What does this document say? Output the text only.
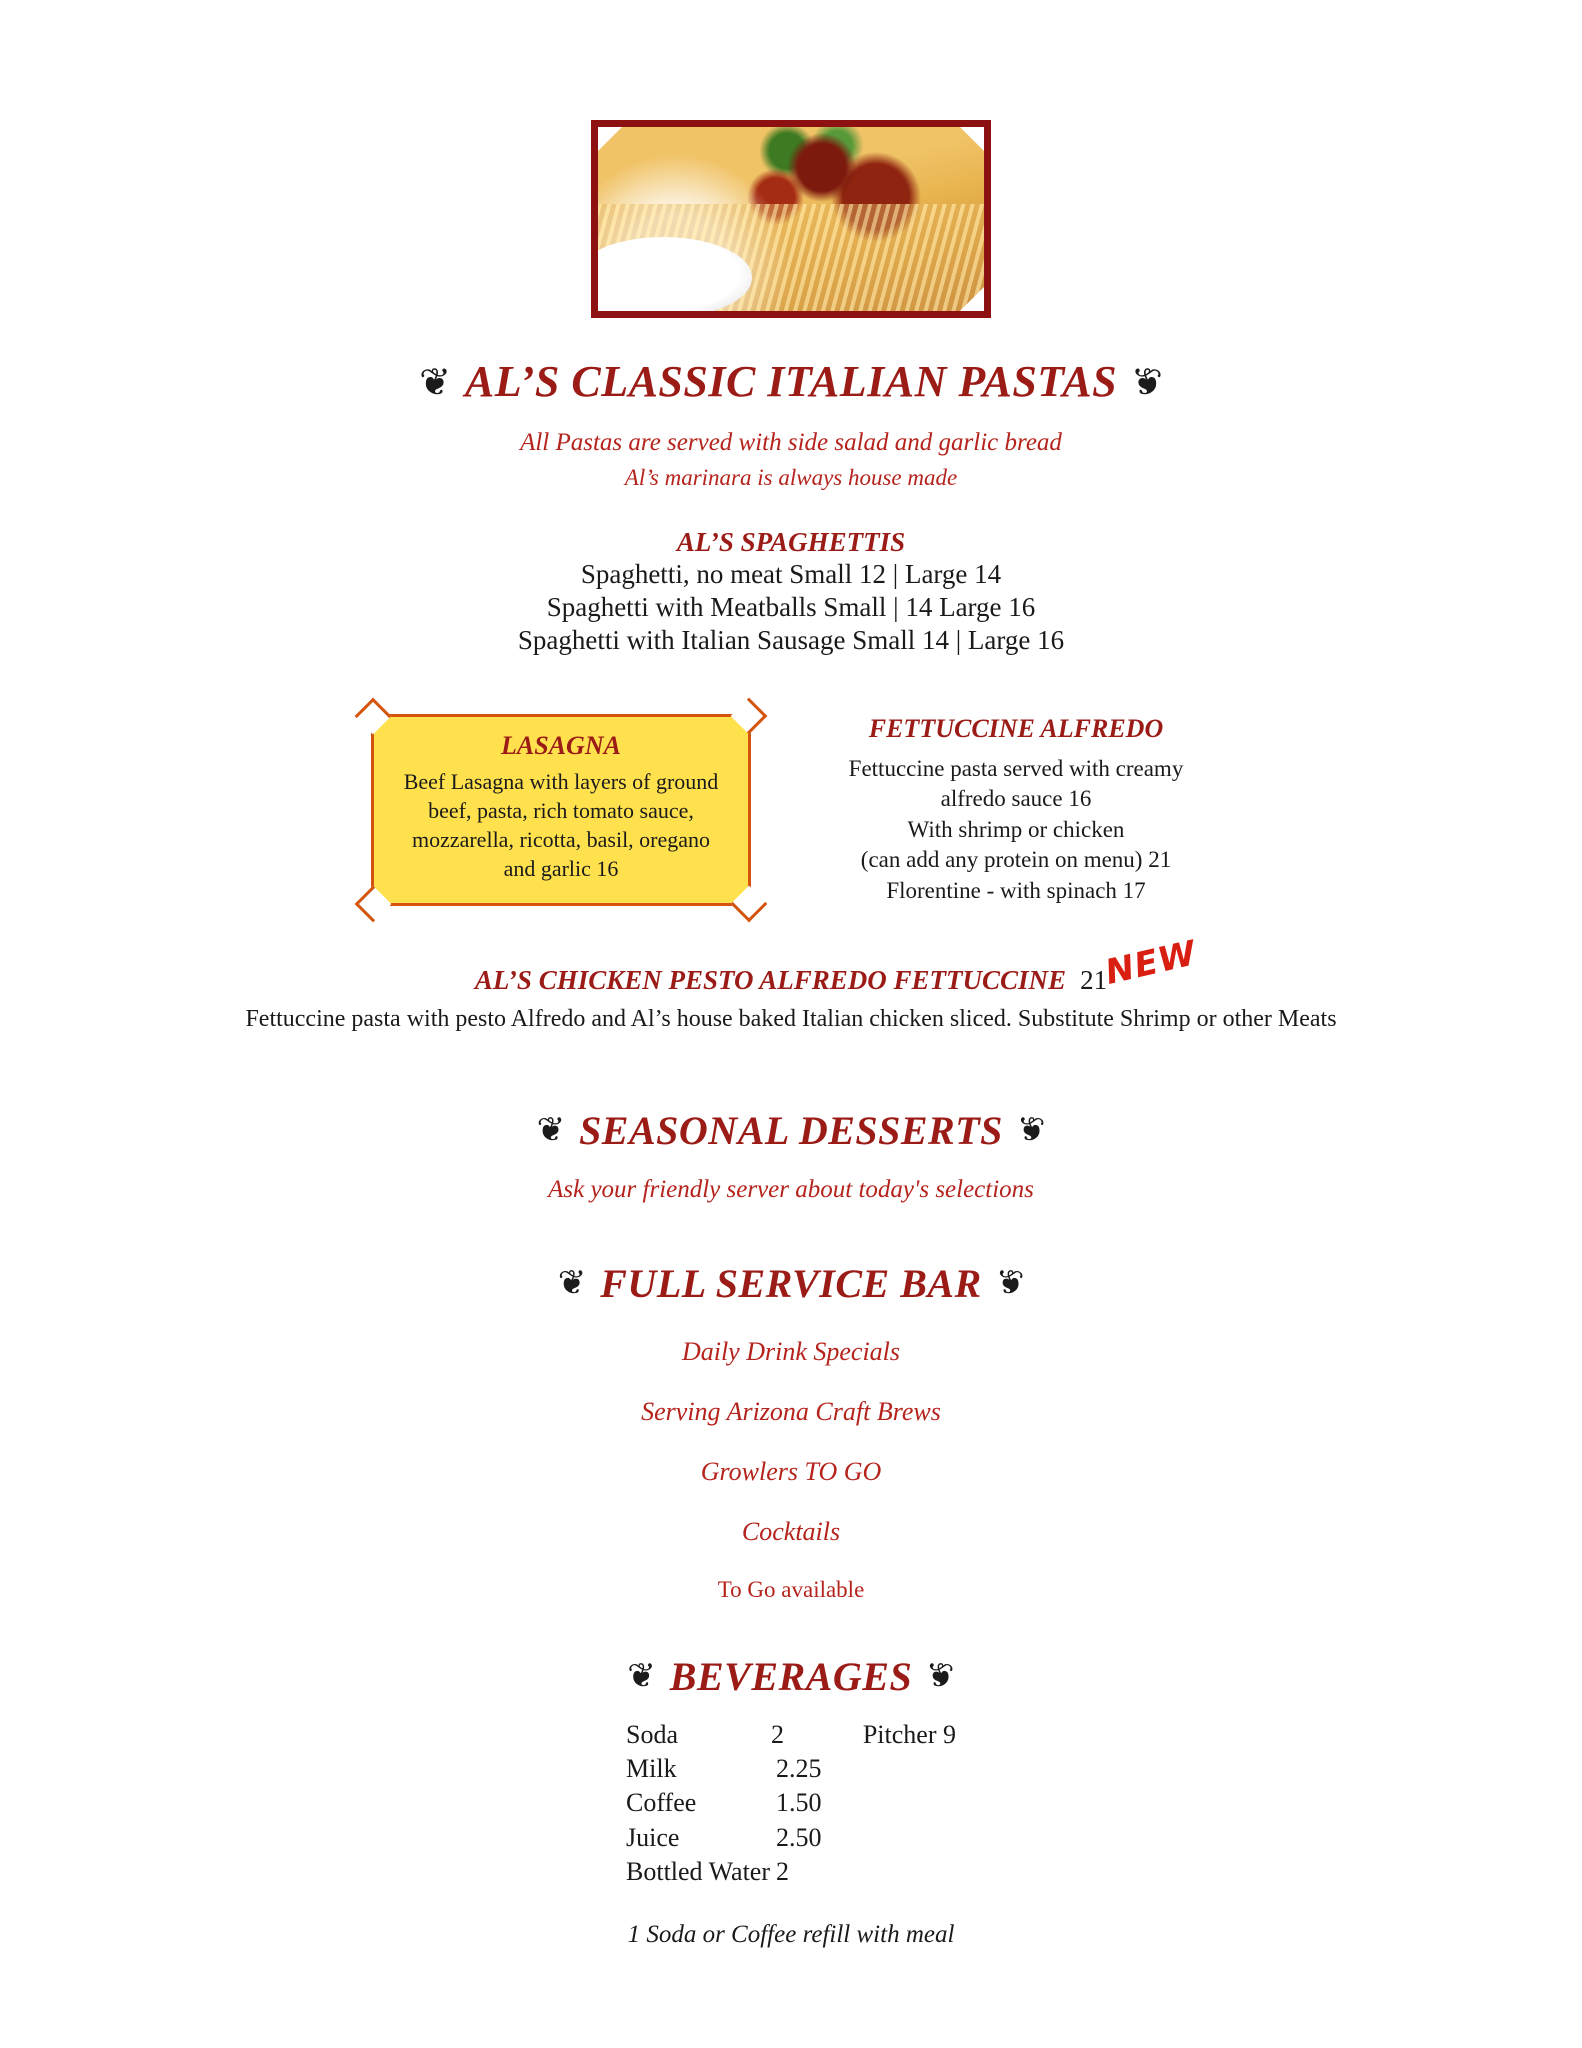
❦ AL’S CLASSIC ITALIAN PASTAS ❦
All Pastas are served with side salad and garlic bread
Al’s marinara is always house made
AL’S SPAGHETTIS
Spaghetti, no meat Small 12 | Large 14
Spaghetti with Meatballs Small | 14 Large 16
Spaghetti with Italian Sausage Small 14 | Large 16
LASAGNA
Beef Lasagna with layers of ground beef, pasta, rich tomato sauce, mozzarella, ricotta, basil, oregano and garlic 16
FETTUCCINE ALFREDO
Fettuccine pasta served with creamy
alfredo sauce 16
With shrimp or chicken
(can add any protein on menu) 21
Florentine - with spinach 17
AL’S CHICKEN PESTO ALFREDO FETTUCCINE 21
NEW
Fettuccine pasta with pesto Alfredo and Al’s house baked Italian chicken sliced. Substitute Shrimp or other Meats
❦ SEASONAL DESSERTS ❦
Ask your friendly server about today's selections
❦ FULL SERVICE BAR ❦
Daily Drink Specials
Serving Arizona Craft Brews
Growlers TO GO
Cocktails
To Go available
❦ BEVERAGES ❦
Soda	2	Pitcher 9
Milk	2.25
Coffee	1.50
Juice	2.50
Bottled Water 2
1 Soda or Coffee refill with meal
